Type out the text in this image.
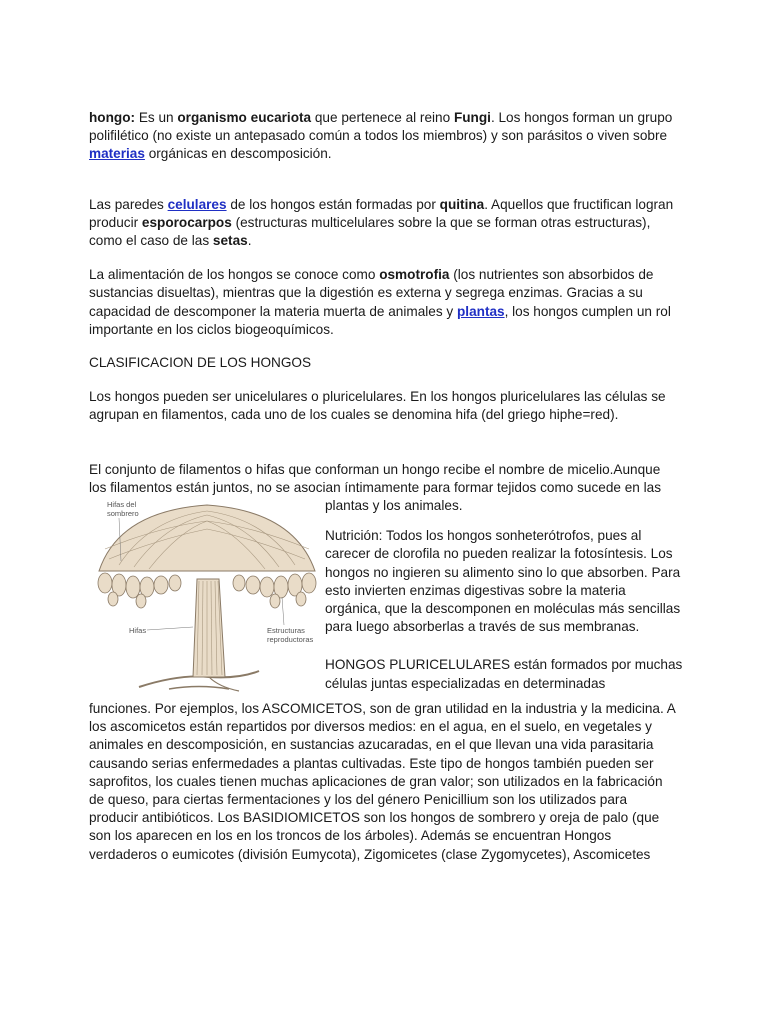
hongo: Es un organismo eucariota que pertenece al reino Fungi. Los hongos forman un grupo polifilético (no existe un antepasado común a todos los miembros) y son parásitos o viven sobre materias orgánicas en descomposición.

Las paredes celulares de los hongos están formadas por quitina. Aquellos que fructifican logran producir esporocarpos (estructuras multicelulares sobre la que se forman otras estructuras), como el caso de las setas.

La alimentación de los hongos se conoce como osmotrofia (los nutrientes son absorbidos de sustancias disueltas), mientras que la digestión es externa y segrega enzimas. Gracias a su capacidad de descomponer la materia muerta de animales y plantas, los hongos cumplen un rol importante en los ciclos biogeoquímicos.

CLASIFICACION DE LOS HONGOS

Los hongos pueden ser unicelulares o pluricelulares. En los hongos pluricelulares las células se agrupan en filamentos, cada uno de los cuales se denomina hifa (del griego hiphe=red).

El conjunto de filamentos o hifas que conforman un hongo recibe el nombre de micelio.Aunque los filamentos están juntos, no se asocian íntimamente para formar tejidos como sucede en las

Hifas del
sombrero
Hifas	Estructuras
reproductoras

plantas y los animales.

Nutrición: Todos los hongos sonheterótrofos, pues al carecer de clorofila no pueden realizar la fotosíntesis. Los hongos no ingieren su alimento sino lo que absorben. Para esto invierten enzimas digestivas sobre la materia orgánica, que la descomponen en moléculas más sencillas para luego absorberlas a través de sus membranas.

HONGOS PLURICELULARES están formados por muchas células juntas especializadas en determinadas

funciones. Por ejemplos, los ASCOMICETOS, son de gran utilidad en la industria y la medicina. A los ascomicetos están repartidos por diversos medios: en el agua, en el suelo, en vegetales y animales en descomposición, en sustancias azucaradas, en el que llevan una vida parasitaria causando serias enfermedades a plantas cultivadas. Este tipo de hongos también pueden ser saprofitos, los cuales tienen muchas aplicaciones de gran valor; son utilizados en la fabricación de queso, para ciertas fermentaciones y los del género Penicillium son los utilizados para producir antibióticos. Los BASIDIOMICETOS son los hongos de sombrero y oreja de palo (que son los aparecen en los en los troncos de los árboles). Además se encuentran Hongos verdaderos o eumicotes (división Eumycota), Zigomicetes (clase Zygomycetes), Ascomicetes
